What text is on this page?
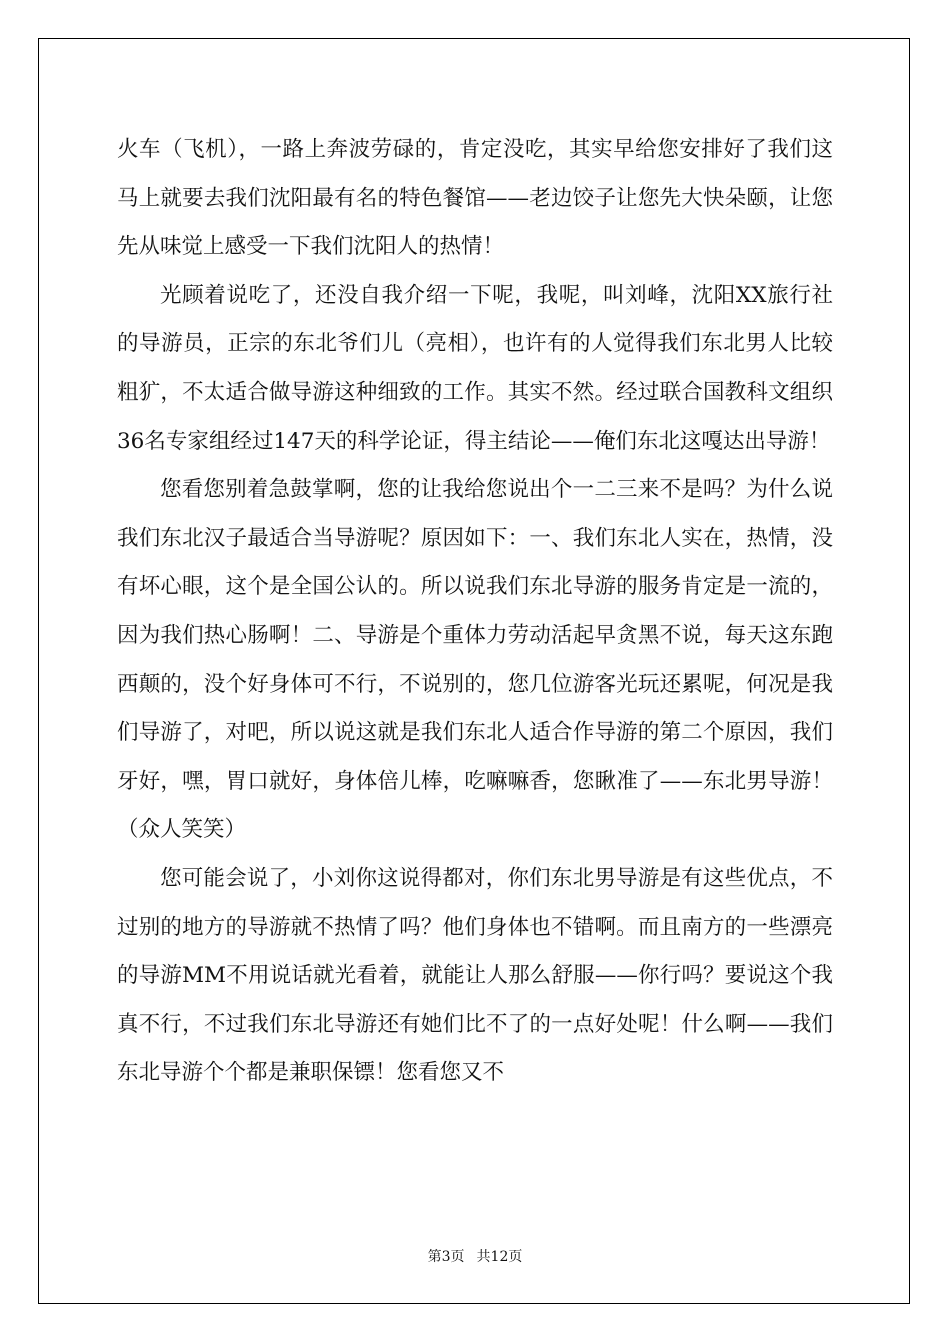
火车（飞机），一路上奔波劳碌的，肯定没吃，其实早给您安排好了我们这马上就要去我们沈阳最有名的特色餐馆——老边饺子让您先大快朵颐，让您先从味觉上感受一下我们沈阳人的热情！

光顾着说吃了，还没自我介绍一下呢，我呢，叫刘峰，沈阳XX旅行社的导游员，正宗的东北爷们儿（亮相），也许有的人觉得我们东北男人比较粗犷，不太适合做导游这种细致的工作。其实不然。经过联合国教科文组织36名专家组经过147天的科学论证，得主结论——俺们东北这嘎达出导游！

您看您别着急鼓掌啊，您的让我给您说出个一二三来不是吗？为什么说我们东北汉子最适合当导游呢？原因如下：一、我们东北人实在，热情，没有坏心眼，这个是全国公认的。所以说我们东北导游的服务肯定是一流的，因为我们热心肠啊！二、导游是个重体力劳动活起早贪黑不说，每天这东跑西颠的，没个好身体可不行，不说别的，您几位游客光玩还累呢，何况是我们导游了，对吧，所以说这就是我们东北人适合作导游的第二个原因，我们牙好，嘿，胃口就好，身体倍儿棒，吃嘛嘛香，您瞅准了——东北男导游！（众人笑笑）

您可能会说了，小刘你这说得都对，你们东北男导游是有这些优点，不过别的地方的导游就不热情了吗？他们身体也不错啊。而且南方的一些漂亮的导游MM不用说话就光看着，就能让人那么舒服——你行吗？要说这个我真不行，不过我们东北导游还有她们比不了的一点好处呢！什么啊——我们东北导游个个都是兼职保镖！您看您又不

第3页 共12页
